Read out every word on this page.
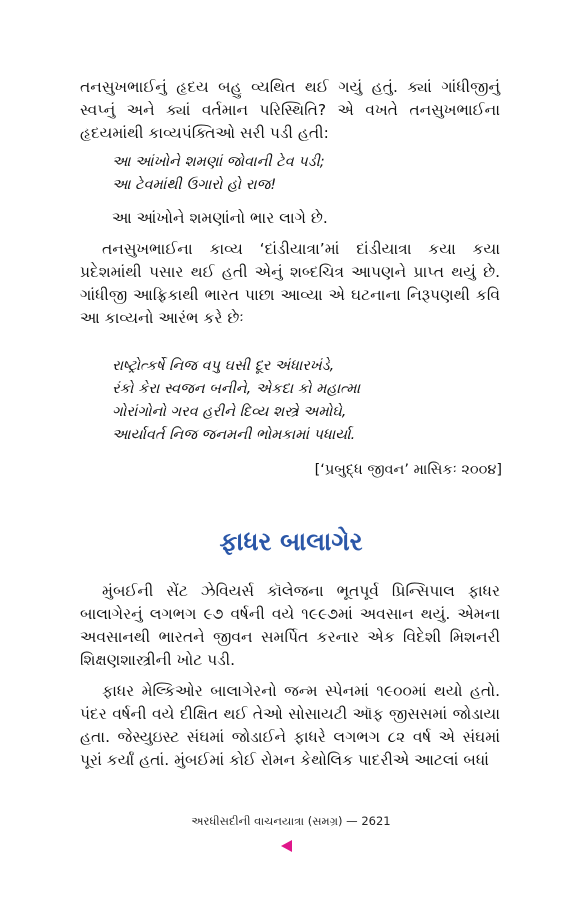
તનસુખભાઈનું હૃદય બહુ વ્યથિત થઈ ગયું હતું. ક્યાં ગાંધીજીનું સ્વપ્નું અને ક્યાં વર્તમાન પરિસ્થિતિ? એ વખતે તનસુખભાઈના હૃદયમાંથી કાવ્યપંક્તિઓ સરી પડી હતી:

આ આંખોને શમણાં જોવાની ટેવ પડી;
આ ટેવમાંથી ઉગારો હો રાજ!

આ આંખોને શમણાંનો ભાર લાગે છે.

તનસુખભાઈના કાવ્ય ‘દાંડીયાત્રા’માં દાંડીયાત્રા કયા કયા પ્રદેશમાંથી પસાર થઈ હતી એનું શબ્દચિત્ર આપણને પ્રાપ્ત થયું છે. ગાંધીજી આફ્રિકાથી ભારત પાછા આવ્યા એ ઘટનાના નિરૂપણથી કવિ આ કાવ્યનો આરંભ કરે છેઃ

રાષ્ટ્રોત્કર્ષે નિજ વપુ ઘસી દૂર અંધારખંડે,
રંકો કેરા સ્વજન બનીને, એકદા કો મહાત્મા
ગોરાંગોનો ગરવ હરીને દિવ્ય શસ્ત્રે અમોઘે,
આર્યાવર્ત નિજ જનમની ભોમકામાં પધાર્યા.
[‘પ્રબુદ્ધ જીવન’ માસિકઃ ૨૦૦૪]
ફાધર બાલાગેર

મુંબઈની સેંટ ઝેવિયર્સ કૉલેજના ભૂતપૂર્વ પ્રિન્સિપાલ ફાધર બાલાગેરનું લગભગ ૯૭ વર્ષની વયે ૧૯૯૭માં અવસાન થયું. એમના અવસાનથી ભારતને જીવન સમર્પિત કરનાર એક વિદેશી મિશનરી શિક્ષણશાસ્ત્રીની ખોટ પડી.

ફાધર મેલ્કિઓર બાલાગેરનો જન્મ સ્પેનમાં ૧૯૦૦માં થયો હતો. પંદર વર્ષની વયે દીક્ષિત થઈ તેઓ સોસાયટી ઑફ જીસસમાં જોડાયા હતા. જેસ્યુઇસ્ટ સંઘમાં જોડાઈને ફાધરે લગભગ ૮૨ વર્ષ એ સંઘમાં પૂરાં કર્યાં હતાં. મુંબઈમાં કોઈ રોમન કેથોલિક પાદરીએ આટલાં બધાં

અરધીસદીની વાચનયાત્રા (સમગ્ર) — 2621
